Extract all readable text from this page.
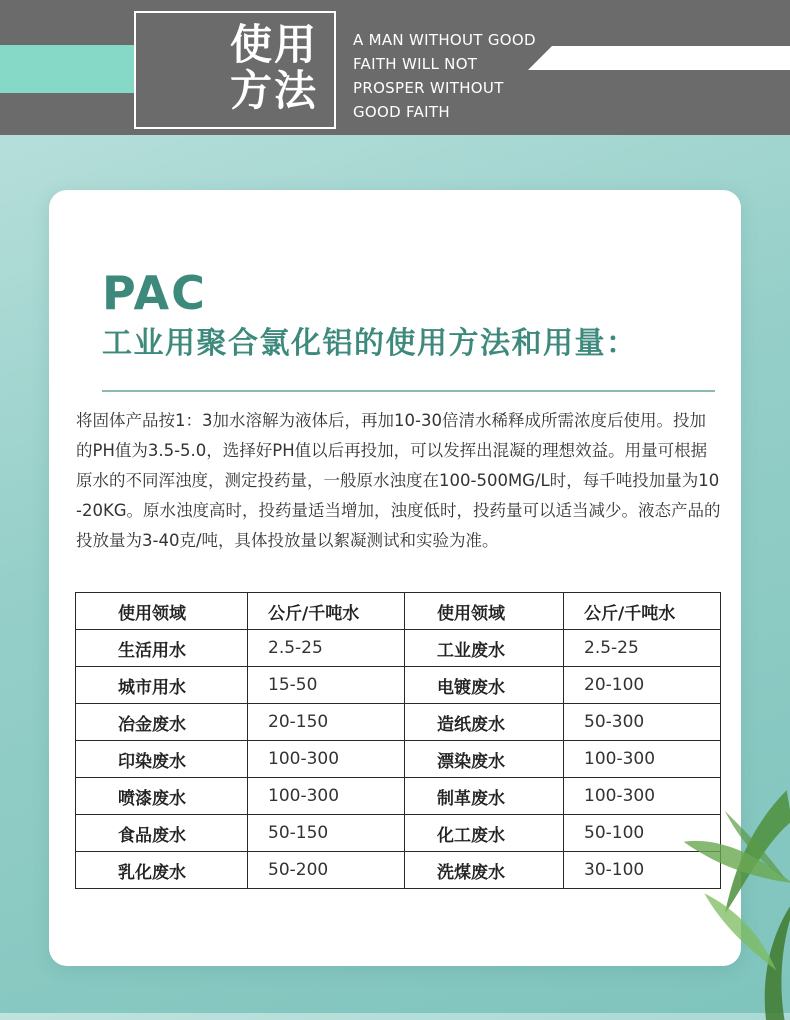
使用
方法
A MAN WITHOUT GOOD
FAITH WILL NOT
PROSPER WITHOUT
GOOD FAITH
PAC
工业用聚合氯化铝的使用方法和用量：
将固体产品按1：3加水溶解为液体后，再加10-30倍清水稀释成所需浓度后使用。投加的PH值为3.5-5.0，选择好PH值以后再投加，可以发挥出混凝的理想效益。用量可根据原水的不同浑浊度，测定投药量，一般原水浊度在100-500MG/L时，每千吨投加量为10-20KG。原水浊度高时，投药量适当增加，浊度低时，投药量可以适当减少。液态产品的投放量为3-40克/吨，具体投放量以絮凝测试和实验为准。
使用领域	公斤/千吨水	使用领域	公斤/千吨水
生活用水	2.5-25	工业废水	2.5-25
城市用水	15-50	电镀废水	20-100
冶金废水	20-150	造纸废水	50-300
印染废水	100-300	漂染废水	100-300
喷漆废水	100-300	制革废水	100-300
食品废水	50-150	化工废水	50-100
乳化废水	50-200	洗煤废水	30-100
